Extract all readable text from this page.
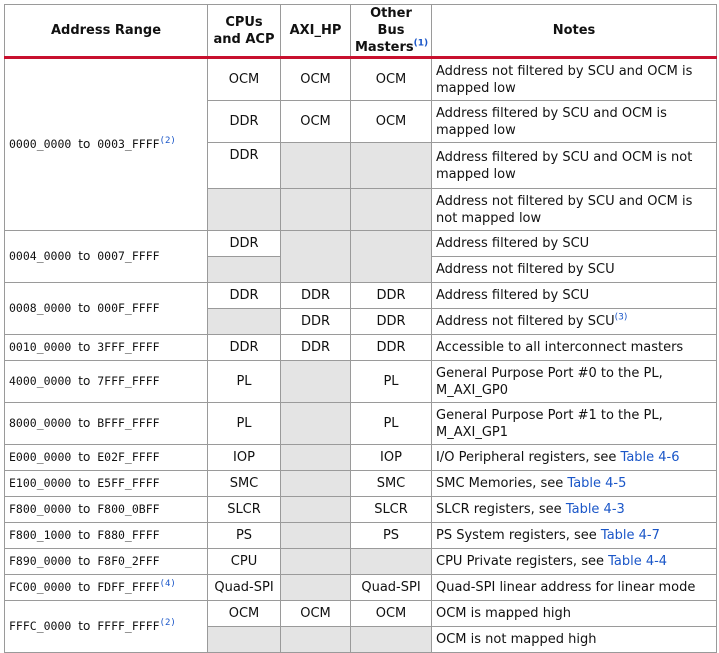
Address Range	CPUs and ACP	AXI_HP	Other Bus Masters$^{(1)}$	Notes
0000_0000 to 0003_FFFF$^{(2)}$	OCM	OCM	OCM	Address not filtered by SCU and OCM is mapped low
	DDR	OCM	OCM	Address filtered by SCU and OCM is mapped low
	DDR			Address filtered by SCU and OCM is not mapped low
				Address not filtered by SCU and OCM is not mapped low
0004_0000 to 0007_FFFF	DDR			Address filtered by SCU
				Address not filtered by SCU
0008_0000 to 000F_FFFF	DDR	DDR	DDR	Address filtered by SCU
		DDR	DDR	Address not filtered by SCU$^{(3)}$
0010_0000 to 3FFF_FFFF	DDR	DDR	DDR	Accessible to all interconnect masters
4000_0000 to 7FFF_FFFF	PL		PL	General Purpose Port #0 to the PL, M_AXI_GP0
8000_0000 to BFFF_FFFF	PL		PL	General Purpose Port #1 to the PL, M_AXI_GP1
E000_0000 to E02F_FFFF	IOP		IOP	I/O Peripheral registers, see Table 4-6
E100_0000 to E5FF_FFFF	SMC		SMC	SMC Memories, see Table 4-5
F800_0000 to F800_0BFF	SLCR		SLCR	SLCR registers, see Table 4-3
F800_1000 to F880_FFFF	PS		PS	PS System registers, see Table 4-7
F890_0000 to F8F0_2FFF	CPU			CPU Private registers, see Table 4-4
FC00_0000 to FDFF_FFFF$^{(4)}$	Quad-SPI		Quad-SPI	Quad-SPI linear address for linear mode
FFFC_0000 to FFFF_FFFF$^{(2)}$	OCM	OCM	OCM	OCM is mapped high
				OCM is not mapped high
